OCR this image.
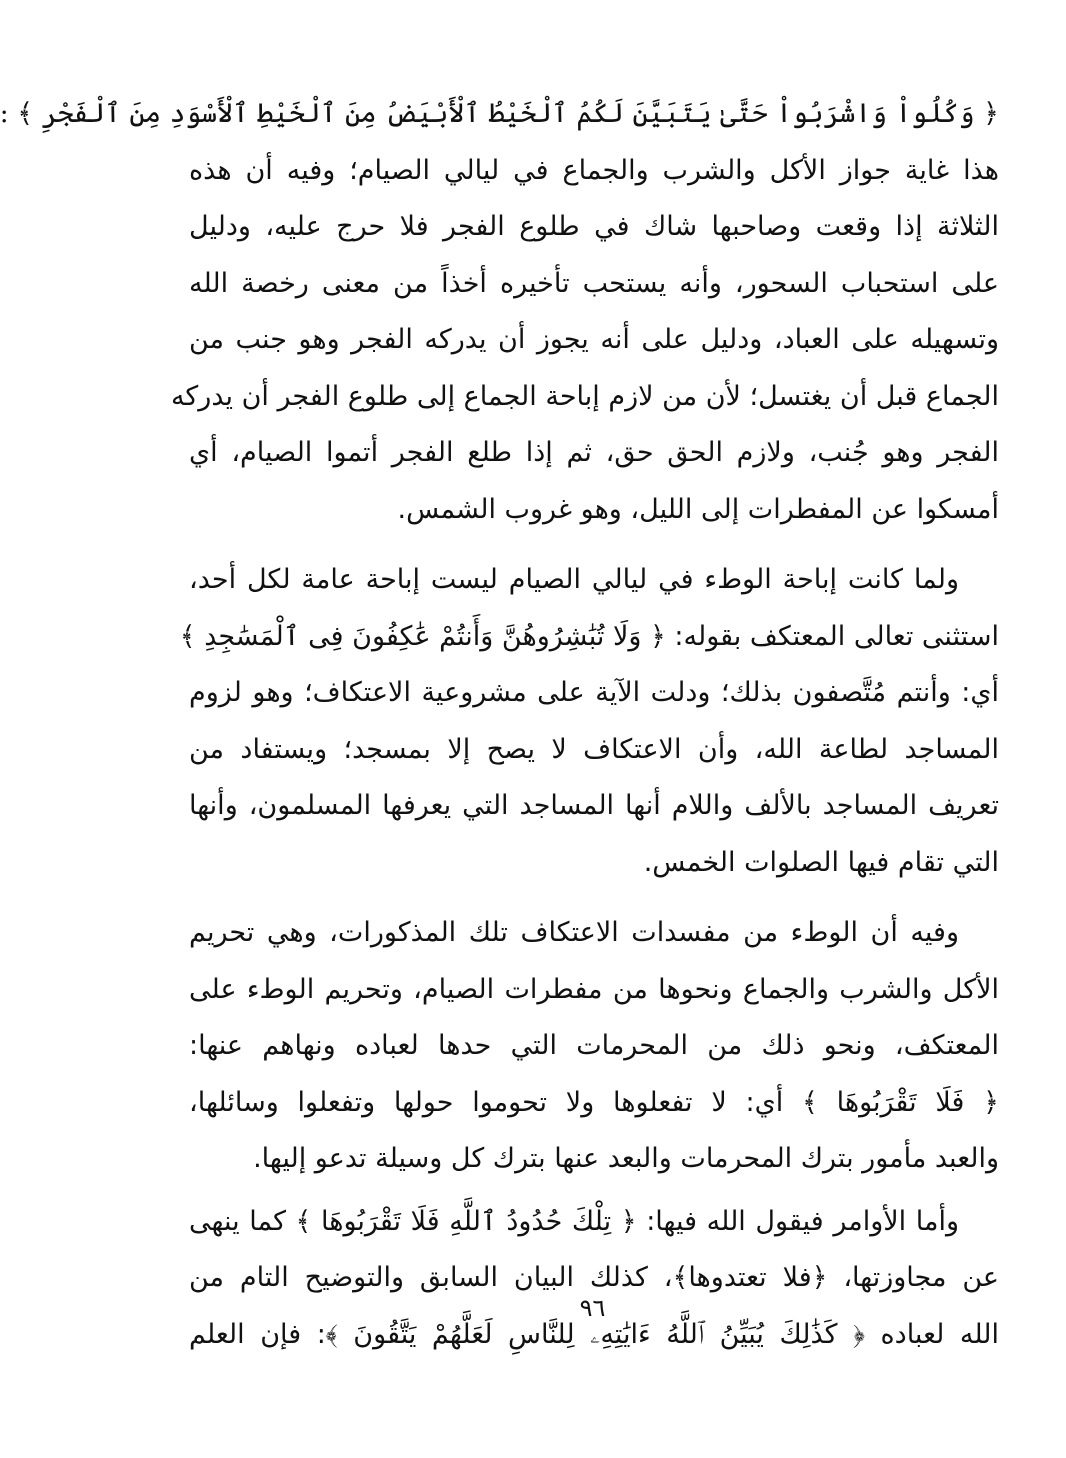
﴿ وَكُلُواْ وَاشْرَبُواْ حَتَّىٰ يَتَبَيَّنَ لَكُمُ ٱلْخَيْطُ ٱلْأَبْيَضُ مِنَ ٱلْخَيْطِ ٱلْأَسْوَدِ مِنَ ٱلْفَجْرِ ﴾ :
هذا غاية جواز الأكل والشرب والجماع في ليالي الصيام؛ وفيه أن هذه
الثلاثة إذا وقعت وصاحبها شاك في طلوع الفجر فلا حرج عليه، ودليل
على استحباب السحور، وأنه يستحب تأخيره أخذاً من معنى رخصة الله
وتسهيله على العباد، ودليل على أنه يجوز أن يدركه الفجر وهو جنب من
الجماع قبل أن يغتسل؛ لأن من لازم إباحة الجماع إلى طلوع الفجر أن يدركه
الفجر وهو جُنب، ولازم الحق حق، ثم إذا طلع الفجر أتموا الصيام، أي
أمسكوا عن المفطرات إلى الليل، وهو غروب الشمس.
ولما كانت إباحة الوطء في ليالي الصيام ليست إباحة عامة لكل أحد،
استثنى تعالى المعتكف بقوله: ﴿ وَلَا تُبَٰشِرُوهُنَّ وَأَنتُمْ عَٰكِفُونَ فِى ٱلْمَسَٰجِدِ ﴾
أي: وأنتم مُتَّصفون بذلك؛ ودلت الآية على مشروعية الاعتكاف؛ وهو لزوم
المساجد لطاعة الله، وأن الاعتكاف لا يصح إلا بمسجد؛ ويستفاد من
تعريف المساجد بالألف واللام أنها المساجد التي يعرفها المسلمون، وأنها
التي تقام فيها الصلوات الخمس.
وفيه أن الوطء من مفسدات الاعتكاف تلك المذكورات، وهي تحريم
الأكل والشرب والجماع ونحوها من مفطرات الصيام، وتحريم الوطء على
المعتكف، ونحو ذلك من المحرمات التي حدها لعباده ونهاهم عنها:
﴿ فَلَا تَقْرَبُوهَا ﴾ أي: لا تفعلوها ولا تحوموا حولها وتفعلوا وسائلها،
والعبد مأمور بترك المحرمات والبعد عنها بترك كل وسيلة تدعو إليها.
وأما الأوامر فيقول الله فيها: ﴿ تِلْكَ حُدُودُ ٱللَّهِ فَلَا تَقْرَبُوهَا ﴾ كما ينهى
عن مجاوزتها، ﴿فلا تعتدوها﴾، كذلك البيان السابق والتوضيح التام من
الله لعباده ﴿ كَذَٰلِكَ يُبَيِّنُ ٱللَّهُ ءَايَٰتِهِۦ لِلنَّاسِ لَعَلَّهُمْ يَتَّقُونَ ﴾: فإن العلم
٩٦
